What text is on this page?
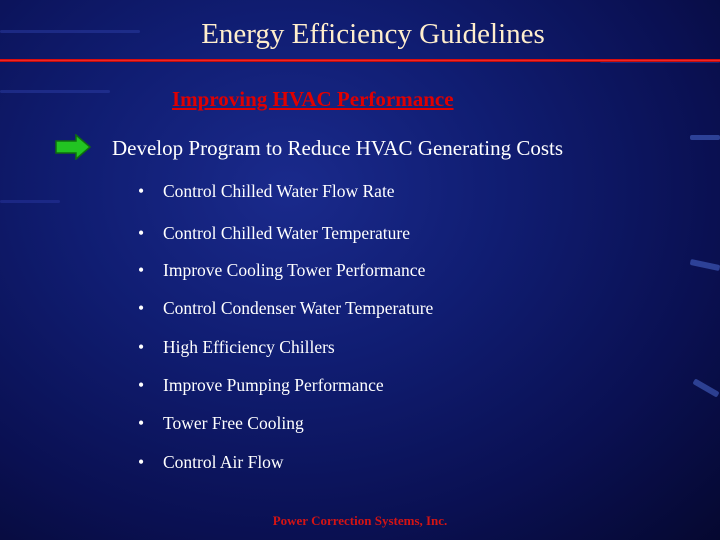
Energy Efficiency Guidelines
Improving HVAC Performance
Develop Program to Reduce HVAC Generating Costs
•	Control Chilled Water Flow Rate
•	Control Chilled Water Temperature
•	Improve Cooling Tower Performance
•	Control Condenser Water Temperature
•	High Efficiency Chillers
•	Improve Pumping Performance
•	Tower Free Cooling
•	Control Air Flow
Power Correction Systems, Inc.
